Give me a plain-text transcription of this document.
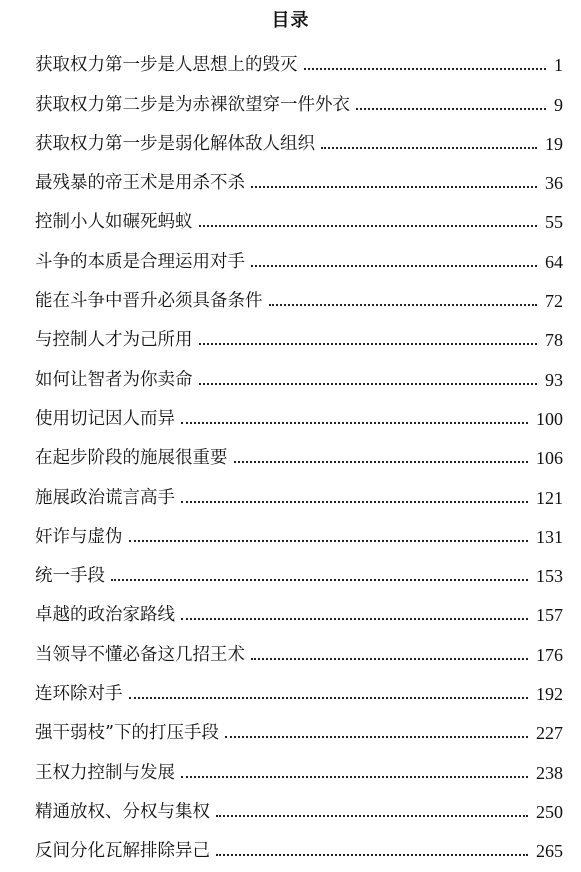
目录
获取权力第一步是人思想上的毁灭	1
获取权力第二步是为赤裸欲望穿一件外衣	9
获取权力第一步是弱化解体敌人组织	19
最残暴的帝王术是用杀不杀	36
控制小人如碾死蚂蚁	55
斗争的本质是合理运用对手	64
能在斗争中晋升必须具备条件	72
与控制人才为己所用	78
如何让智者为你卖命	93
使用切记因人而异	100
在起步阶段的施展很重要	106
施展政治谎言高手	121
奸诈与虚伪	131
统一手段	153
卓越的政治家路线	157
当领导不懂必备这几招王术	176
连环除对手	192
强干弱枝”下的打压手段	227
王权力控制与发展	238
精通放权、分权与集权	250
反间分化瓦解排除异己	265
